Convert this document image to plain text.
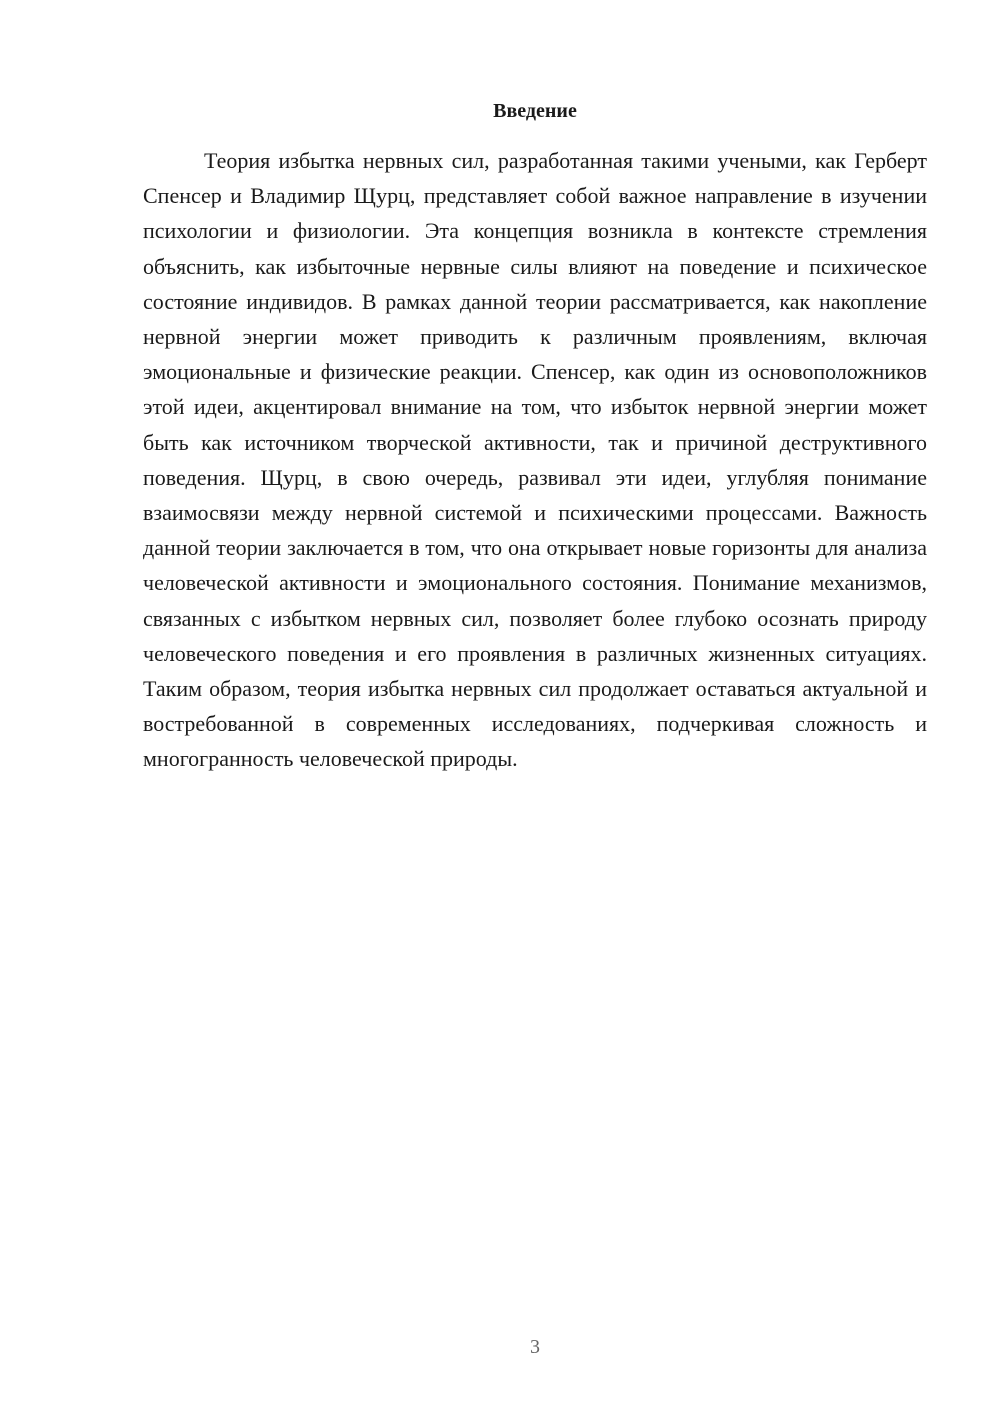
Введение

Теория избытка нервных сил, разработанная такими учеными, как Герберт Спенсер и Владимир Щурц, представляет собой важное направление в изучении психологии и физиологии. Эта концепция возникла в контексте стремления объяснить, как избыточные нервные силы влияют на поведение и психическое состояние индивидов. В рамках данной теории рассматривается, как накопление нервной энергии может приводить к различным проявлениям, включая эмоциональные и физические реакции. Спенсер, как один из основоположников этой идеи, акцентировал внимание на том, что избыток нервной энергии может быть как источником творческой активности, так и причиной деструктивного поведения. Щурц, в свою очередь, развивал эти идеи, углубляя понимание взаимосвязи между нервной системой и психическими процессами. Важность данной теории заключается в том, что она открывает новые горизонты для анализа человеческой активности и эмоционального состояния. Понимание механизмов, связанных с избытком нервных сил, позволяет более глубоко осознать природу человеческого поведения и его проявления в различных жизненных ситуациях. Таким образом, теория избытка нервных сил продолжает оставаться актуальной и востребованной в современных исследованиях, подчеркивая сложность и многогранность человеческой природы.

3
